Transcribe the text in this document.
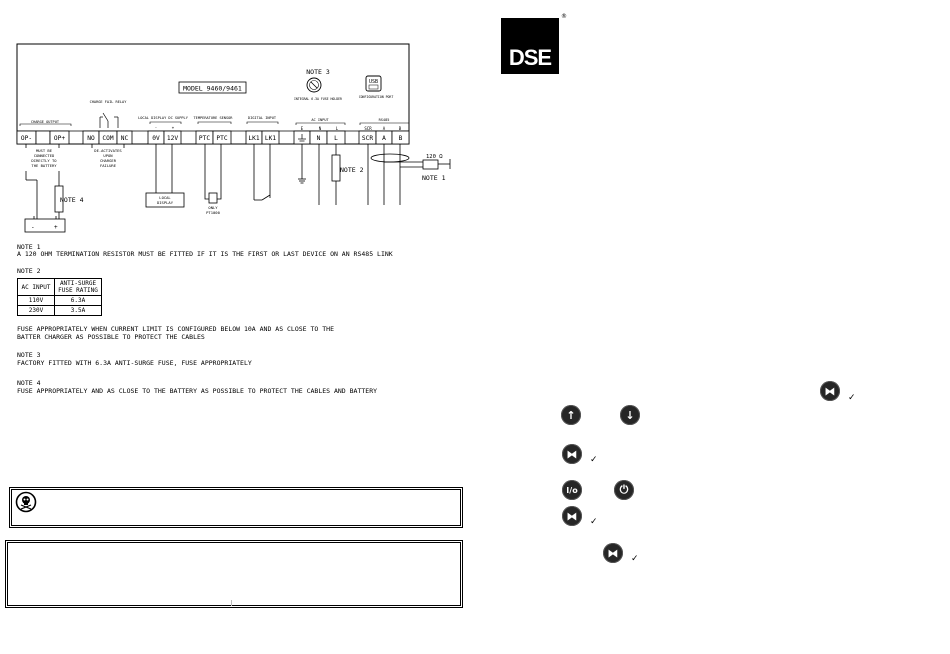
MODEL 9460/9461
NOTE 3
INTEGRAL 6.3A FUSE HOLDER
USB
CONFIGURATION PORT
CHARGE OUTPUT
CHARGE FAIL RELAY
LOCAL DISPLAY DC SUPPLY TEMPERATURE SENSOR	DIGITAL INPUT	AC INPUT	RS485
-	+	E	N	L	SCR	A	B
OP-	OP+	NO COM NC	0V 12V	PTC PTC	LK1 LK1	N L	SCR A B
MUST BE CONNECTED DIRECTLY TO THE BATTERY
DE-ACTIVATES UPON CHARGER FAILURE
LOCAL DISPLAY
ONLY PT1000
NOTE 4
NOTE 2
NOTE 1
120 Ω
-	+
NOTE 1
A 120 OHM TERMINATION RESISTOR MUST BE FITTED IF IT IS THE FIRST OR LAST DEVICE ON AN RS485 LINK
NOTE 2
AC INPUT	ANTI-SURGE FUSE RATING
110V	6.3A
230V	3.5A
FUSE APPROPRIATELY WHEN CURRENT LIMIT IS CONFIGURED BELOW 10A AND AS CLOSE TO THE
BATTER CHARGER AS POSSIBLE TO PROTECT THE CABLES
NOTE 3
FACTORY FITTED WITH 6.3A ANTI-SURGE FUSE, FUSE APPROPRIATELY
NOTE 4
FUSE APPROPRIATELY AND AS CLOSE TO THE BATTERY AS POSSIBLE TO PROTECT THE CABLES AND BATTERY
DSE
®
⧓
✓
↑	↓
⧓	✓
I/o	⏻
⧓	✓
⧓	✓
